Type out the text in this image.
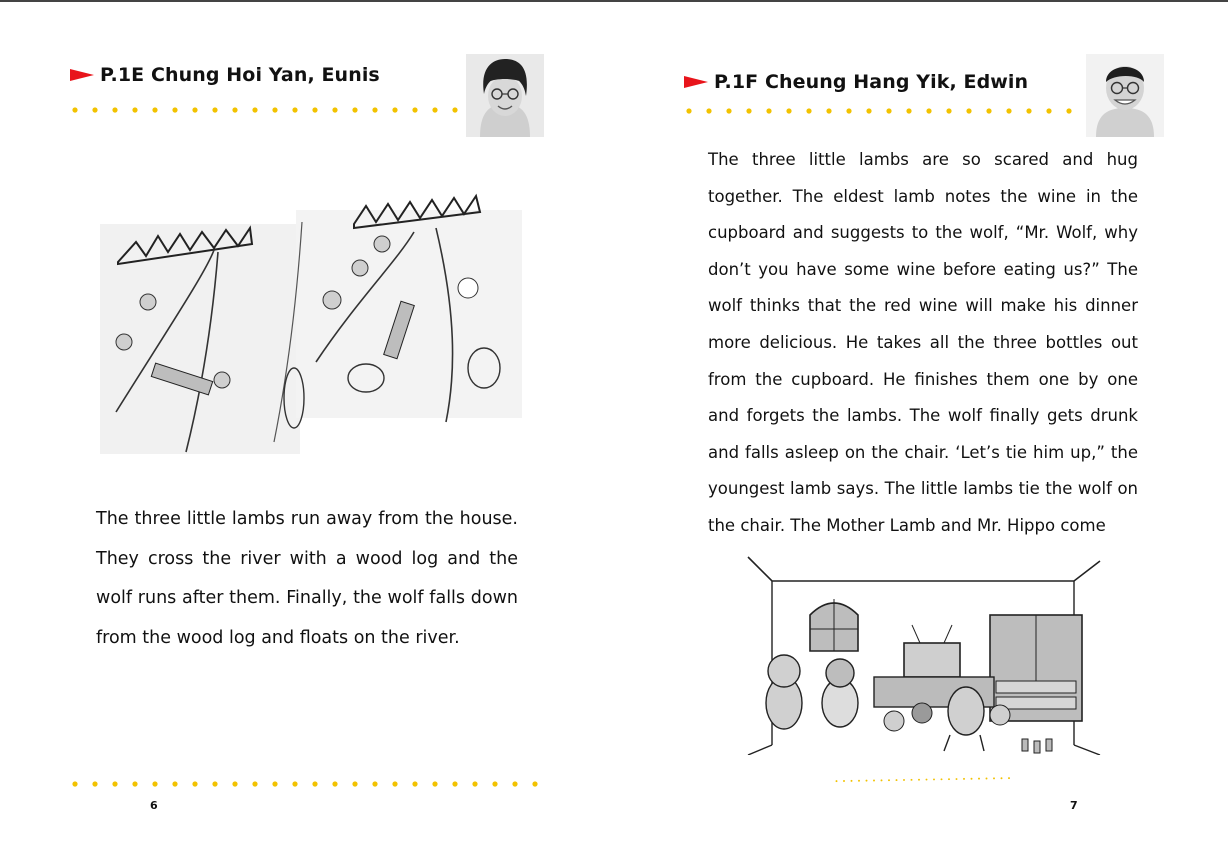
P.1E Chung Hoi Yan, Eunis

The three little lambs run away from the house. They cross the river with a wood log and the wolf runs after them. Finally, the wolf falls down from the wood log and floats on the river.

6
P.1F Cheung Hang Yik, Edwin

The three little lambs are so scared and hug together. The eldest lamb notes the wine in the cupboard and suggests to the wolf, “Mr. Wolf, why don’t you have some wine before eating us?” The wolf thinks that the red wine will make his dinner more delicious. He takes all the three bottles out from the cupboard. He finishes them one by one and forgets the lambs. The wolf finally gets drunk and falls asleep on the chair. ‘Let’s tie him up,” the youngest lamb says. The little lambs tie the wolf on the chair. The Mother Lamb and Mr. Hippo come

7
